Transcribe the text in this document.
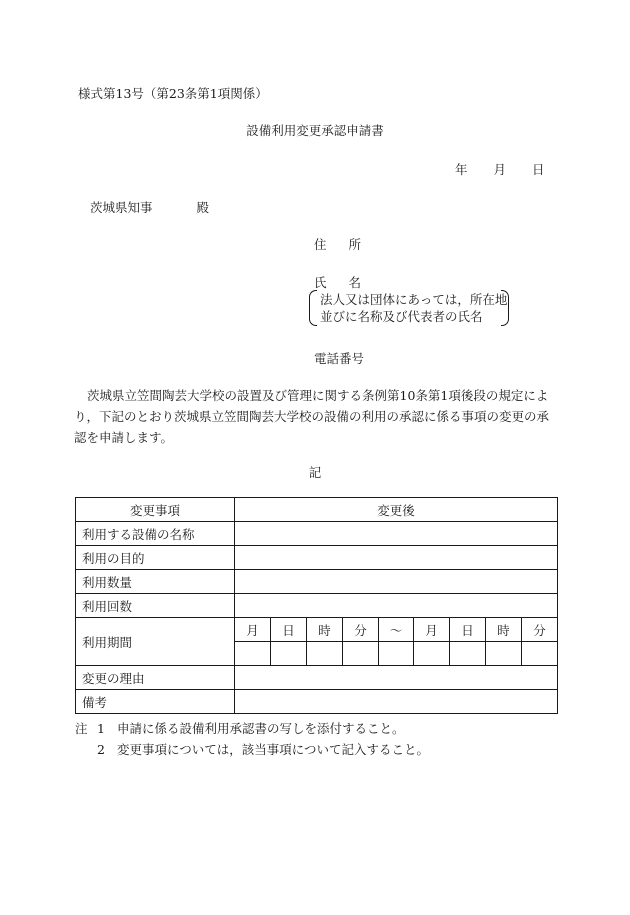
様式第13号（第23条第1項関係）
設備利用変更承認申請書
年 月 日
茨城県知事	殿
住 所
氏 名
法人又は団体にあっては，所在地
並びに名称及び代表者の氏名
電話番号
茨城県立笠間陶芸大学校の設置及び管理に関する条例第10条第1項後段の規定により，下記のとおり茨城県立笠間陶芸大学校の設備の利用の承認に係る事項の変更の承認を申請します。
記
変更事項	変更後								
利用する設備の名称									
利用の目的									
利用数量									
利用回数									
利用期間	月	日	時	分	～	月	日	時	分

変更の理由									
備考									
注 1 申請に係る設備利用承認書の写しを添付すること。
2 変更事項については，該当事項について記入すること。
